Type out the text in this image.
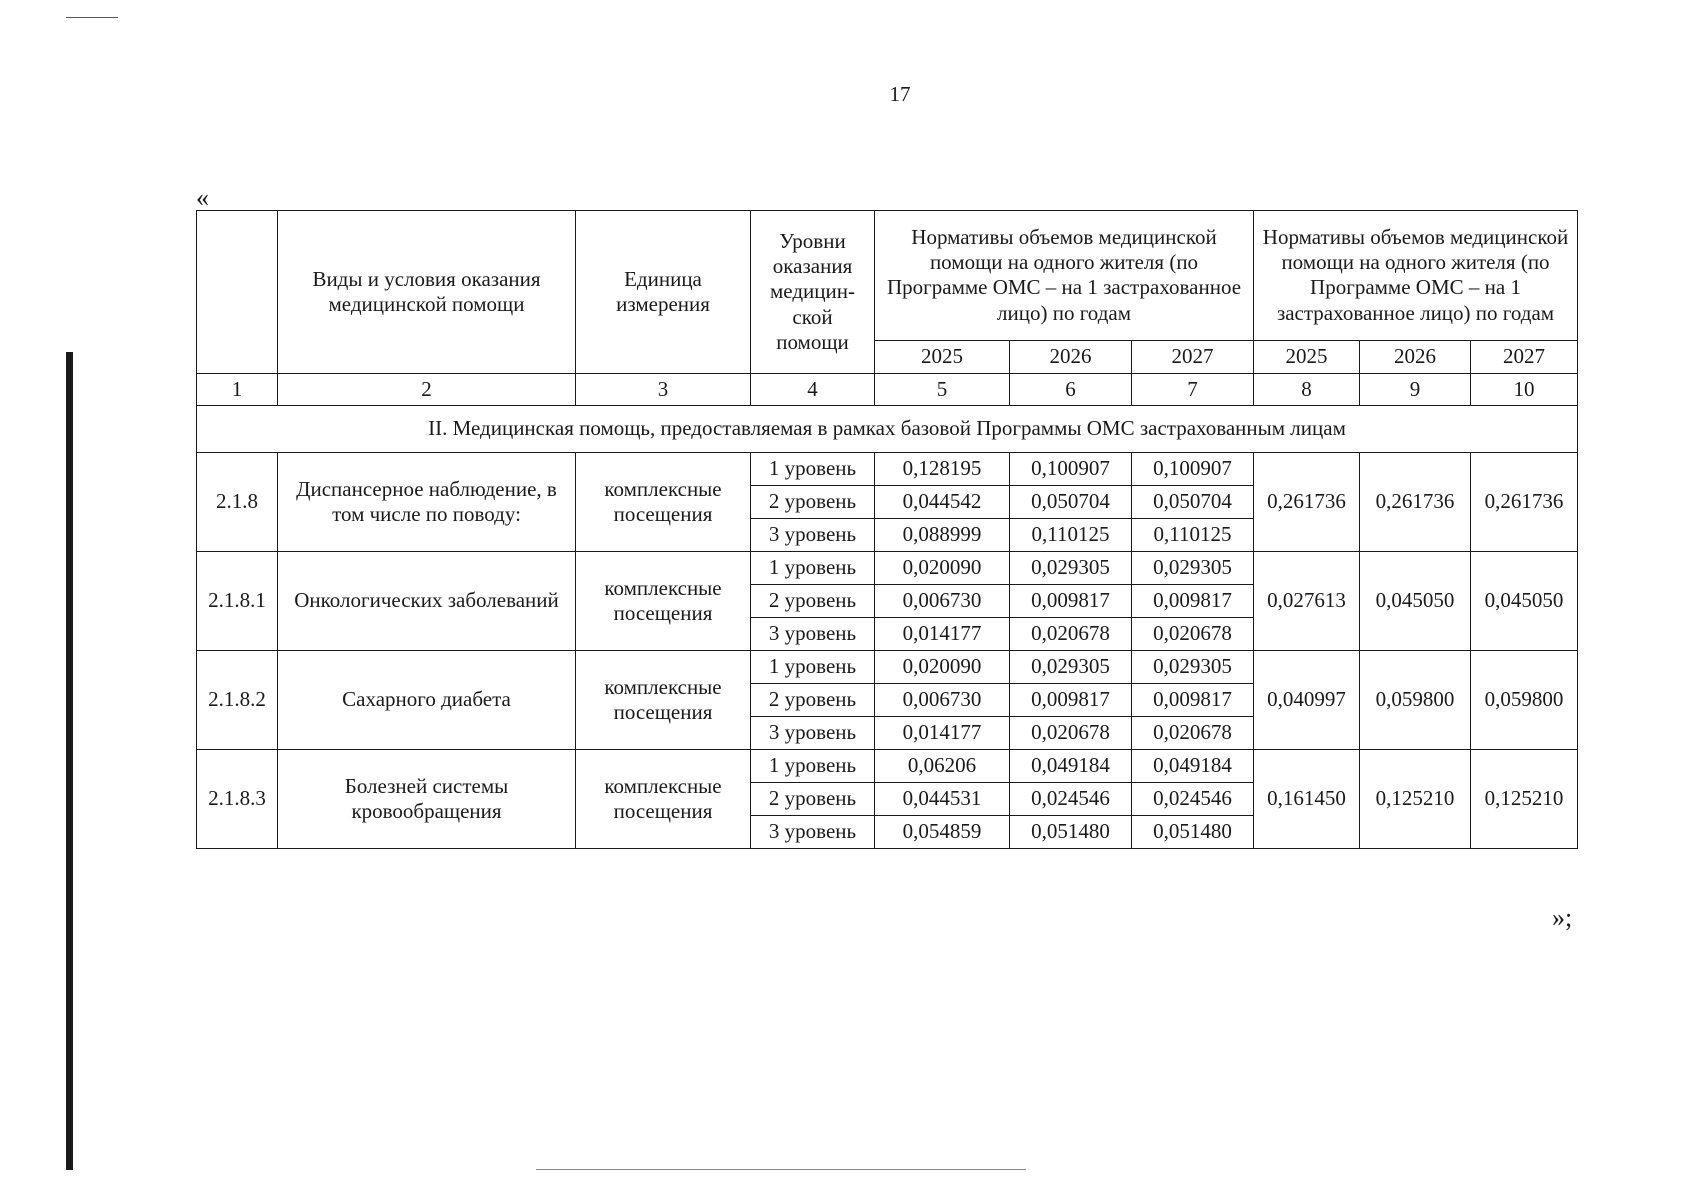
17
«
	Виды и условия оказания медицинской помощи	Единица измерения	Уровни оказания медицин-ской помощи	Нормативы объемов медицинской помощи на одного жителя (по Программе ОМС – на 1 застрахованное лицо) по годам			Нормативы объемов медицинской помощи на одного жителя (по Программе ОМС – на 1 застрахованное лицо) по годам		
				2025	2026	2027	2025	2026	2027
1	2	3	4	5	6	7	8	9	10
II. Медицинская помощь, предоставляемая в рамках базовой Программы ОМС застрахованным лицам									
2.1.8	Диспансерное наблюдение, в том числе по поводу:	комплексные посещения	1 уровень	0,128195	0,100907	0,100907	0,261736	0,261736	0,261736
			2 уровень	0,044542	0,050704	0,050704			
			3 уровень	0,088999	0,110125	0,110125			
2.1.8.1	Онкологических заболеваний	комплексные посещения	1 уровень	0,020090	0,029305	0,029305	0,027613	0,045050	0,045050
			2 уровень	0,006730	0,009817	0,009817			
			3 уровень	0,014177	0,020678	0,020678			
2.1.8.2	Сахарного диабета	комплексные посещения	1 уровень	0,020090	0,029305	0,029305	0,040997	0,059800	0,059800
			2 уровень	0,006730	0,009817	0,009817			
			3 уровень	0,014177	0,020678	0,020678			
2.1.8.3	Болезней системы кровообращения	комплексные посещения	1 уровень	0,06206	0,049184	0,049184	0,161450	0,125210	0,125210
			2 уровень	0,044531	0,024546	0,024546			
			3 уровень	0,054859	0,051480	0,051480			
»;
